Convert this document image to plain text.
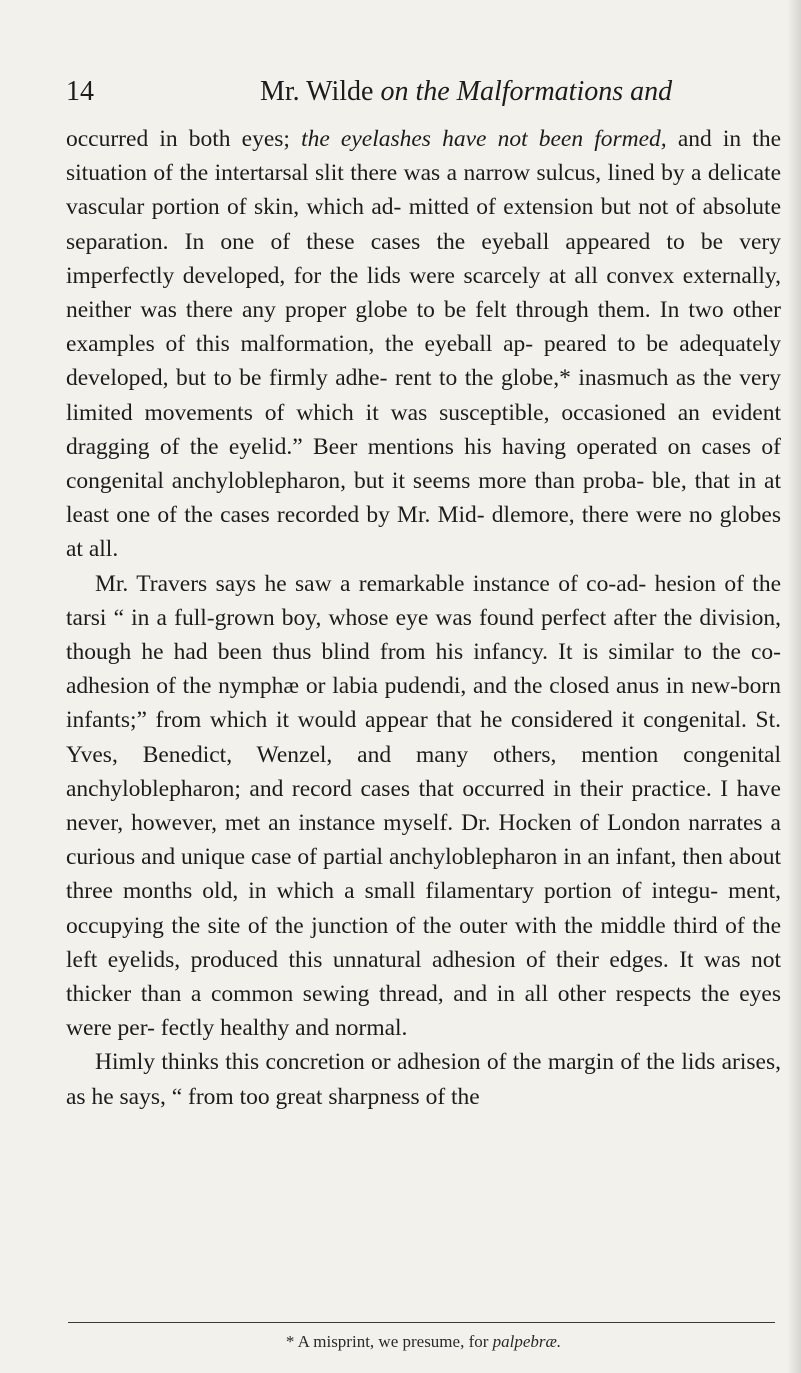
14	Mr. Wilde on the Malformations and

occurred in both eyes; the eyelashes have not been formed, and in the situation of the intertarsal slit there was a narrow sulcus, lined by a delicate vascular portion of skin, which ad- mitted of extension but not of absolute separation. In one of these cases the eyeball appeared to be very imperfectly developed, for the lids were scarcely at all convex externally, neither was there any proper globe to be felt through them. In two other examples of this malformation, the eyeball ap- peared to be adequately developed, but to be firmly adhe- rent to the globe,* inasmuch as the very limited movements of which it was susceptible, occasioned an evident dragging of the eyelid.” Beer mentions his having operated on cases of congenital anchyloblepharon, but it seems more than proba- ble, that in at least one of the cases recorded by Mr. Mid- dlemore, there were no globes at all.

Mr. Travers says he saw a remarkable instance of co-ad- hesion of the tarsi “ in a full-grown boy, whose eye was found perfect after the division, though he had been thus blind from his infancy. It is similar to the co-adhesion of the nymphæ or labia pudendi, and the closed anus in new-born infants;” from which it would appear that he considered it congenital. St. Yves, Benedict, Wenzel, and many others, mention congenital anchyloblepharon; and record cases that occurred in their practice. I have never, however, met an instance myself. Dr. Hocken of London narrates a curious and unique case of partial anchyloblepharon in an infant, then about three months old, in which a small filamentary portion of integu- ment, occupying the site of the junction of the outer with the middle third of the left eyelids, produced this unnatural adhesion of their edges. It was not thicker than a common sewing thread, and in all other respects the eyes were per- fectly healthy and normal.

Himly thinks this concretion or adhesion of the margin of the lids arises, as he says, “ from too great sharpness of the

* A misprint, we presume, for palpebræ.
